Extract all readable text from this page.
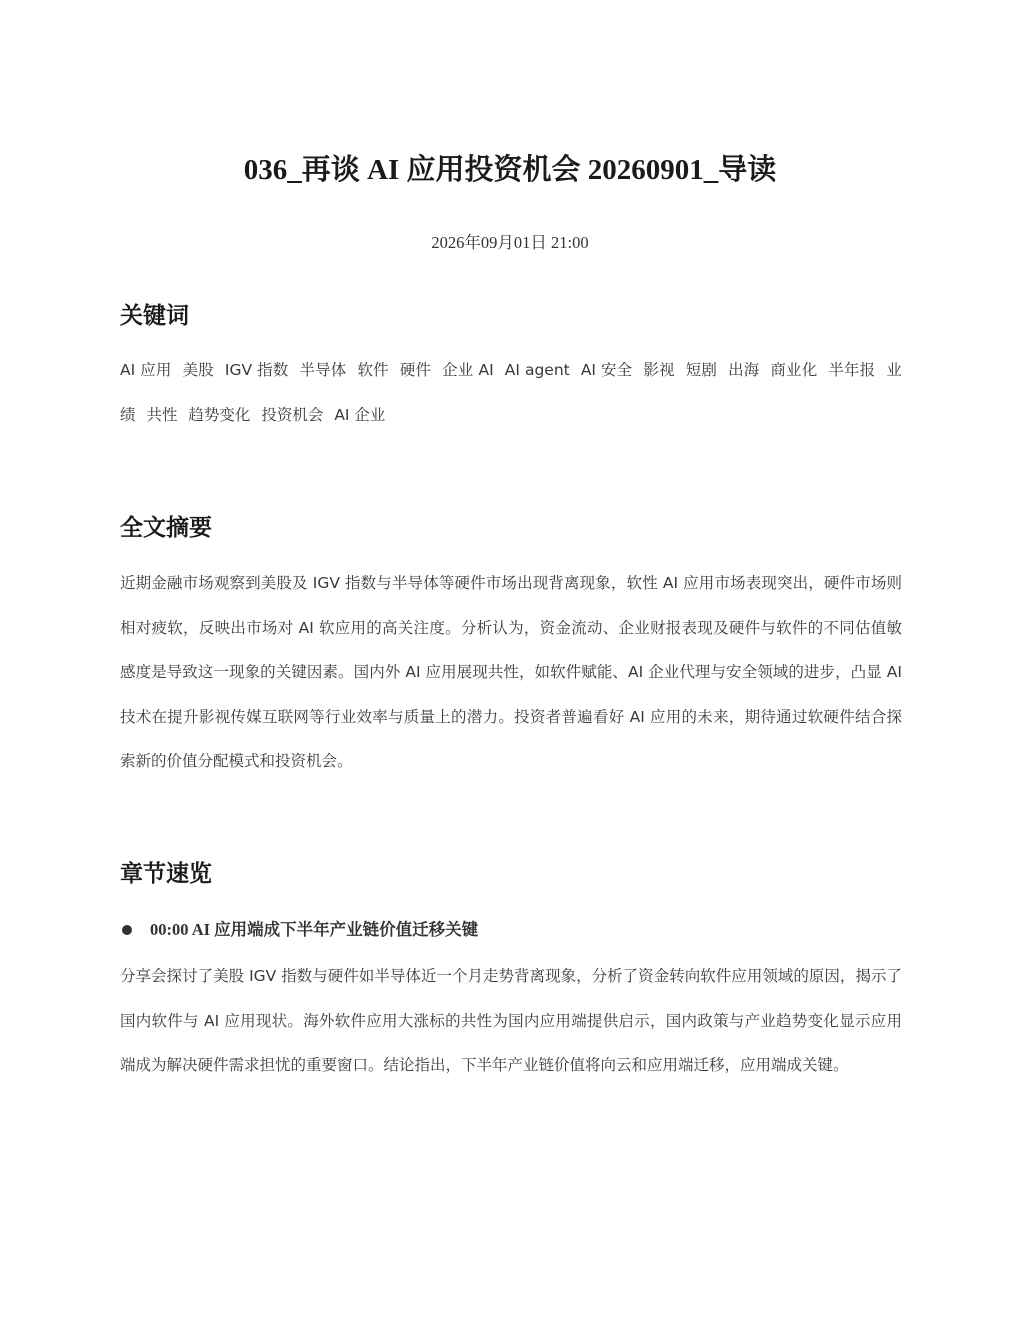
036_再谈 AI 应用投资机会 20260901_导读
2026年09月01日 21:00
关键词

AI 应用 美股 IGV 指数 半导体 软件 硬件 企业 AI AI agent AI 安全 影视 短剧 出海 商业化 半年报 业绩 共性 趋势变化 投资机会 AI 企业

全文摘要

近期金融市场观察到美股及 IGV 指数与半导体等硬件市场出现背离现象，软性 AI 应用市场表现突出，硬件市场则相对疲软，反映出市场对 AI 软应用的高关注度。分析认为，资金流动、企业财报表现及硬件与软件的不同估值敏感度是导致这一现象的关键因素。国内外 AI 应用展现共性，如软件赋能、AI 企业代理与安全领域的进步，凸显 AI 技术在提升影视传媒互联网等行业效率与质量上的潜力。投资者普遍看好 AI 应用的未来，期待通过软硬件结合探索新的价值分配模式和投资机会。

章节速览
00:00 AI 应用端成下半年产业链价值迁移关键

分享会探讨了美股 IGV 指数与硬件如半导体近一个月走势背离现象，分析了资金转向软件应用领域的原因，揭示了国内软件与 AI 应用现状。海外软件应用大涨标的共性为国内应用端提供启示，国内政策与产业趋势变化显示应用端成为解决硬件需求担忧的重要窗口。结论指出，下半年产业链价值将向云和应用端迁移，应用端成关键。
